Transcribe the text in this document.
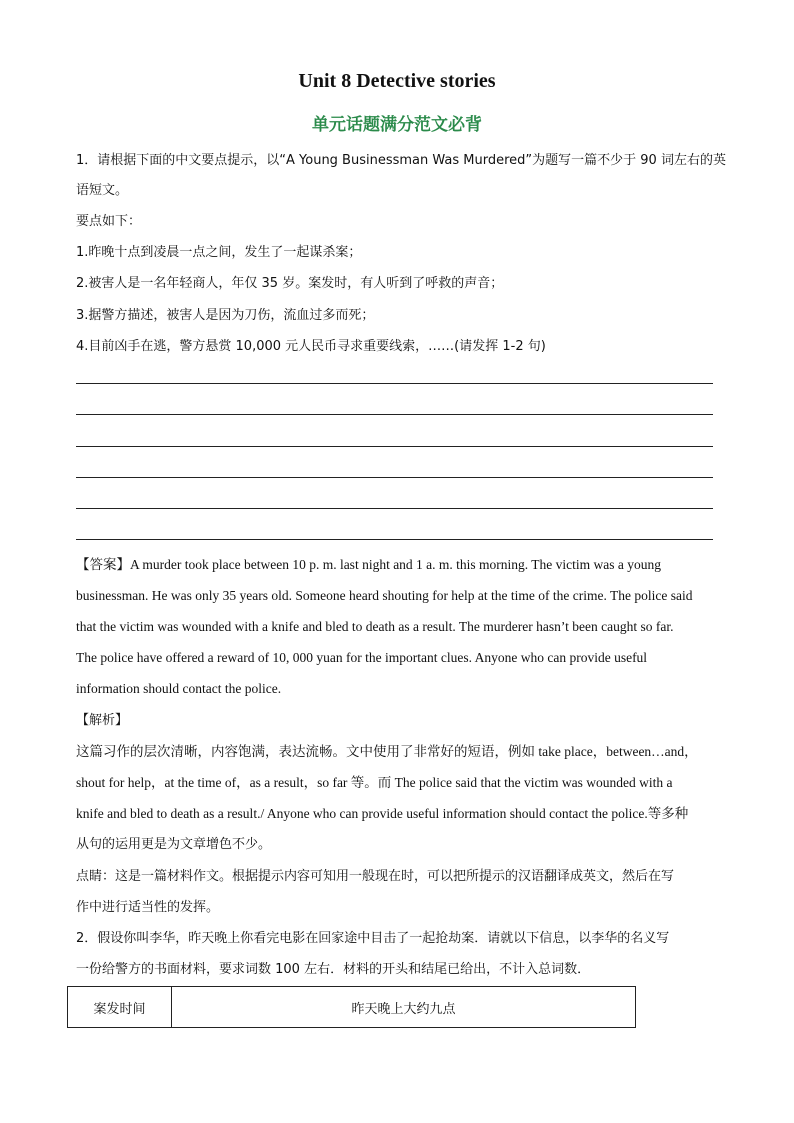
Unit 8 Detective stories
单元话题满分范文必背
1．请根据下面的中文要点提示，以“A Young Businessman Was Murdered”为题写一篇不少于 90 词左右的英
语短文。
要点如下：
1.昨晚十点到凌晨一点之间，发生了一起谋杀案；
2.被害人是一名年轻商人，年仅 35 岁。案发时，有人听到了呼救的声音；
3.据警方描述，被害人是因为刀伤，流血过多而死；
4.目前凶手在逃，警方悬赏 10,000 元人民币寻求重要线索，……(请发挥 1-2 句)
【答案】A murder took place between 10 p. m. last night and 1 a. m. this morning. The victim was a young
businessman. He was only 35 years old. Someone heard shouting for help at the time of the crime. The police said
that the victim was wounded with a knife and bled to death as a result. The murderer hasn’t been caught so far.
The police have offered a reward of 10, 000 yuan for the important clues. Anyone who can provide useful
information should contact the police.
【解析】
这篇习作的层次清晰，内容饱满，表达流畅。文中使用了非常好的短语，例如 take place，between…and，
shout for help，at the time of，as a result，so far 等。而 The police said that the victim was wounded with a
knife and bled to death as a result./ Anyone who can provide useful information should contact the police.等多种
从句的运用更是为文章增色不少。
点睛：这是一篇材料作文。根据提示内容可知用一般现在时，可以把所提示的汉语翻译成英文，然后在写
作中进行适当性的发挥。
2．假设你叫李华，昨天晚上你看完电影在回家途中目击了一起抢劫案．请就以下信息，以李华的名义写
一份给警方的书面材料，要求词数 100 左右．材料的开头和结尾已给出，不计入总词数．
案发时间	昨天晚上大约九点
